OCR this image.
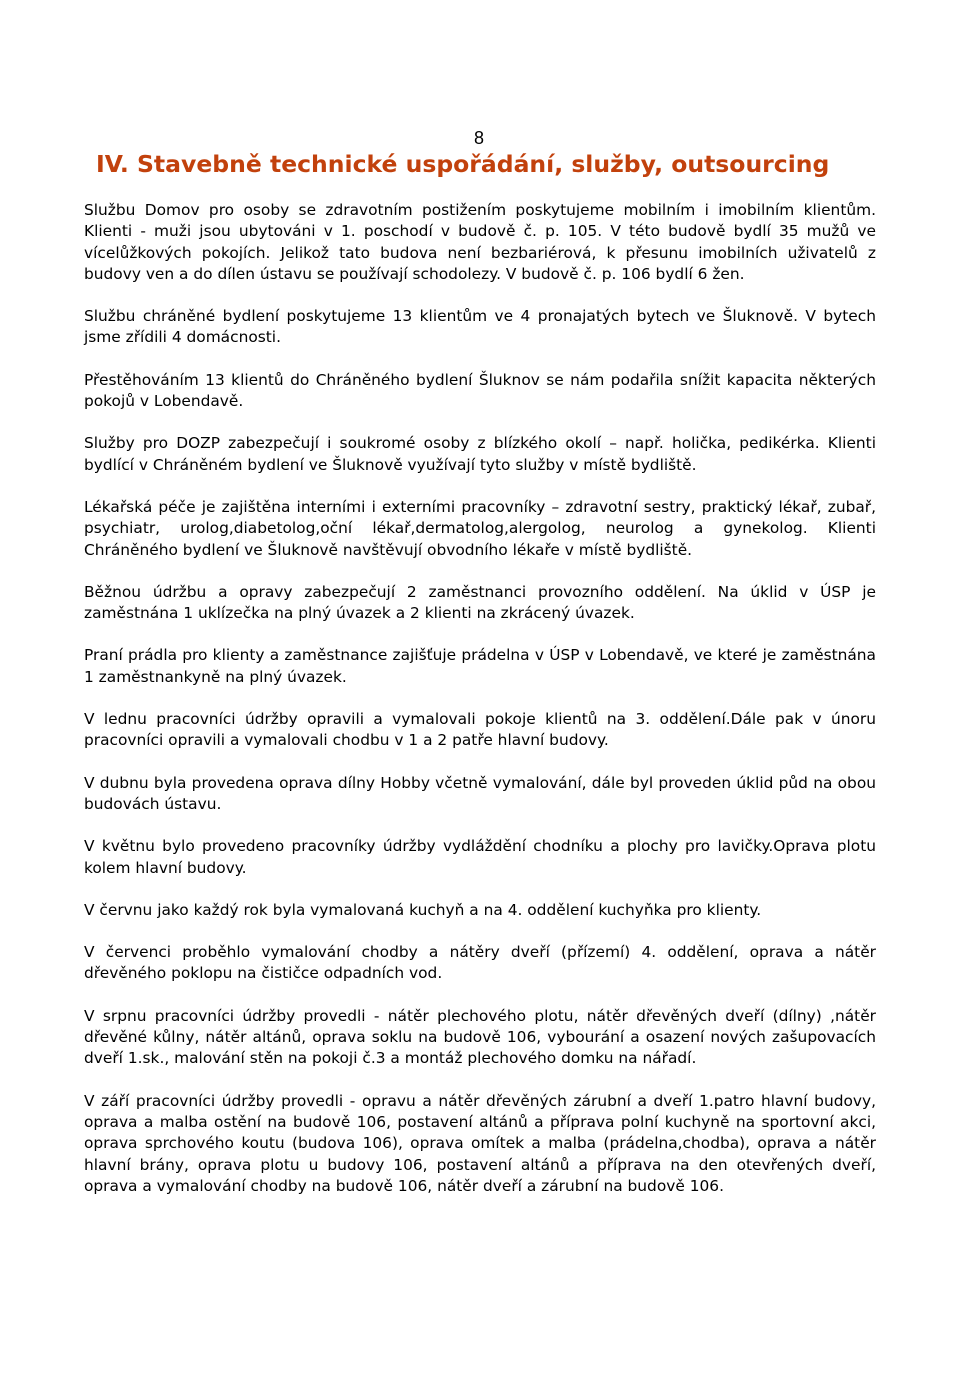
8

IV. Stavebně technické uspořádání, služby, outsourcing

Službu Domov pro osoby se zdravotním postižením poskytujeme mobilním i imobilním klientům. Klienti - muži jsou ubytováni v 1. poschodí v budově č. p. 105. V této budově bydlí 35 mužů ve vícelůžkových pokojích. Jelikož tato budova není bezbariérová, k přesunu imobilních uživatelů z budovy ven a do dílen ústavu se používají schodolezy. V budově č. p. 106 bydlí 6 žen.

Službu chráněné bydlení poskytujeme 13 klientům ve 4 pronajatých bytech ve Šluknově. V bytech jsme zřídili 4 domácnosti.

Přestěhováním 13 klientů do Chráněného bydlení Šluknov se nám podařila snížit kapacita některých pokojů v Lobendavě.

Služby pro DOZP zabezpečují i soukromé osoby z blízkého okolí – např. holička, pedikérka. Klienti bydlící v Chráněném bydlení ve Šluknově využívají tyto služby v místě bydliště.

Lékařská péče je zajištěna interními i externími pracovníky – zdravotní sestry, praktický lékař, zubař, psychiatr, urolog,diabetolog,oční lékař,dermatolog,alergolog, neurolog a gynekolog. Klienti Chráněného bydlení ve Šluknově navštěvují obvodního lékaře v místě bydliště.

Běžnou údržbu a opravy zabezpečují 2 zaměstnanci provozního oddělení. Na úklid v ÚSP je zaměstnána 1 uklízečka na plný úvazek a 2 klienti na zkrácený úvazek.

Praní prádla pro klienty a zaměstnance zajišťuje prádelna v ÚSP v Lobendavě, ve které je zaměstnána 1 zaměstnankyně na plný úvazek.

V lednu pracovníci údržby opravili a vymalovali pokoje klientů na 3. oddělení.Dále pak v únoru pracovníci opravili a vymalovali chodbu v 1 a 2 patře hlavní budovy.

V dubnu byla provedena oprava dílny Hobby včetně vymalování, dále byl proveden úklid půd na obou budovách ústavu.

V květnu bylo provedeno pracovníky údržby vydláždění chodníku a plochy pro lavičky.Oprava plotu kolem hlavní budovy.

V červnu jako každý rok byla vymalovaná kuchyň a na 4. oddělení kuchyňka pro klienty.

V červenci proběhlo vymalování chodby a nátěry dveří (přízemí) 4. oddělení, oprava a nátěr dřevěného poklopu na čističce odpadních vod.

V srpnu pracovníci údržby provedli - nátěr plechového plotu, nátěr dřevěných dveří (dílny) ,nátěr dřevěné kůlny, nátěr altánů, oprava soklu na budově 106, vybourání a osazení nových zašupovacích dveří 1.sk., malování stěn na pokoji č.3 a montáž plechového domku na nářadí.

V září pracovníci údržby provedli - opravu a nátěr dřevěných zárubní a dveří 1.patro hlavní budovy, oprava a malba ostění na budově 106, postavení altánů a příprava polní kuchyně na sportovní akci, oprava sprchového koutu (budova 106), oprava omítek a malba (prádelna,chodba), oprava a nátěr hlavní brány, oprava plotu u budovy 106, postavení altánů a příprava na den otevřených dveří, oprava a vymalování chodby na budově 106, nátěr dveří a zárubní na budově 106.
